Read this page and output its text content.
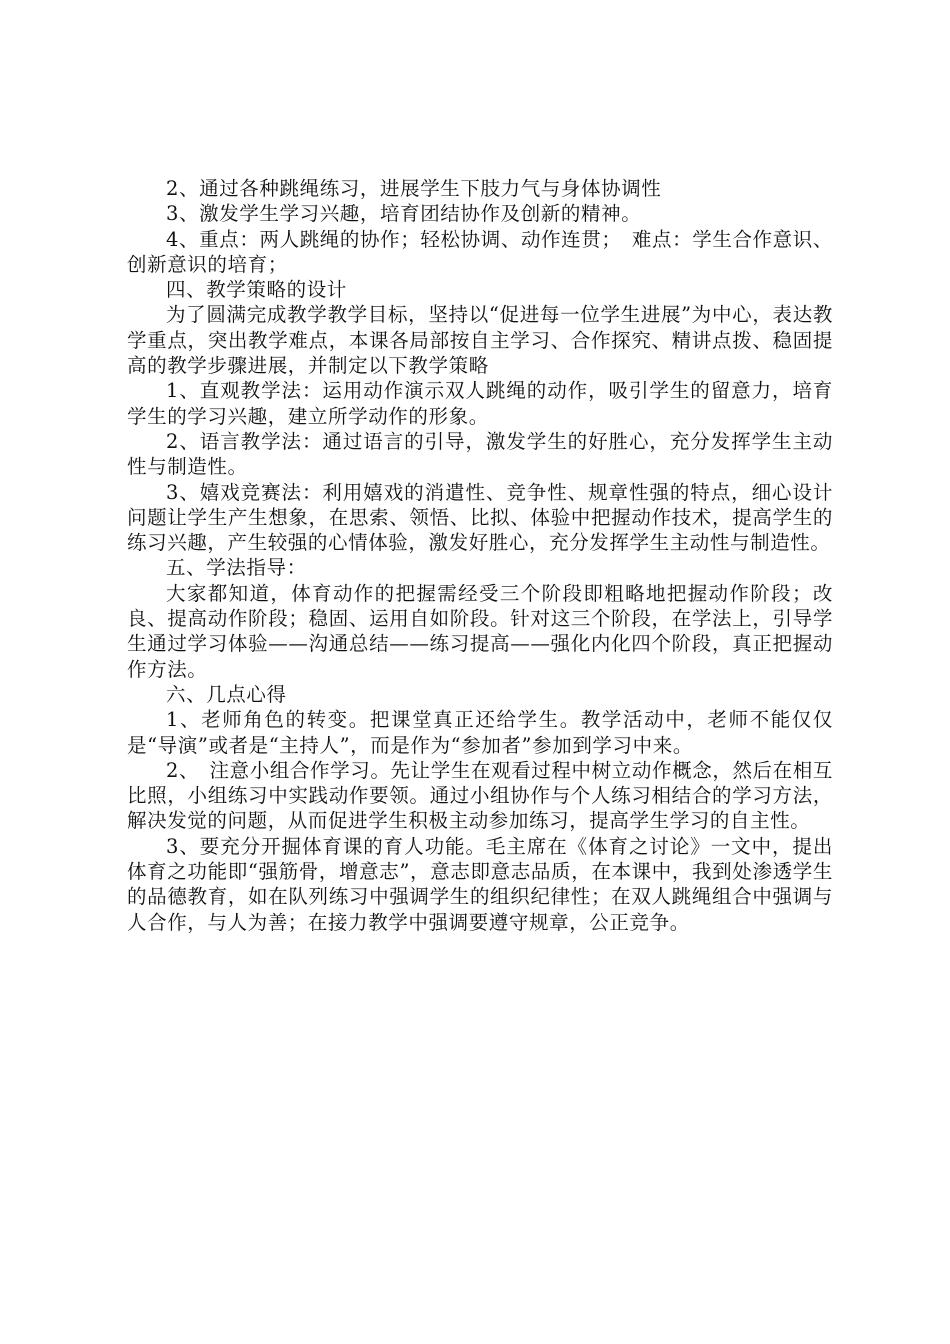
2、通过各种跳绳练习，进展学生下肢力气与身体协调性

3、激发学生学习兴趣，培育团结协作及创新的精神。

4、重点：两人跳绳的协作；轻松协调、动作连贯；　难点：学生合作意识、创新意识的培育；

四、教学策略的设计

为了圆满完成教学教学目标，坚持以“促进每一位学生进展”为中心，表达教学重点，突出教学难点，本课各局部按自主学习、合作探究、精讲点拨、稳固提高的教学步骤进展，并制定以下教学策略

1、直观教学法：运用动作演示双人跳绳的动作，吸引学生的留意力，培育学生的学习兴趣，建立所学动作的形象。

2、语言教学法：通过语言的引导，激发学生的好胜心，充分发挥学生主动性与制造性。

3、嬉戏竞赛法：利用嬉戏的消遣性、竞争性、规章性强的特点，细心设计问题让学生产生想象，在思索、领悟、比拟、体验中把握动作技术，提高学生的练习兴趣，产生较强的心情体验，激发好胜心，充分发挥学生主动性与制造性。

五、学法指导：

大家都知道，体育动作的把握需经受三个阶段即粗略地把握动作阶段；改良、提高动作阶段；稳固、运用自如阶段。针对这三个阶段，在学法上，引导学生通过学习体验——沟通总结——练习提高——强化内化四个阶段，真正把握动作方法。

六、几点心得

1、老师角色的转变。把课堂真正还给学生。教学活动中，老师不能仅仅是“导演”或者是“主持人”，而是作为“参加者”参加到学习中来。

2、　注意小组合作学习。先让学生在观看过程中树立动作概念，然后在相互比照，小组练习中实践动作要领。通过小组协作与个人练习相结合的学习方法，解决发觉的问题，从而促进学生积极主动参加练习，提高学生学习的自主性。

3、要充分开掘体育课的育人功能。毛主席在《体育之讨论》一文中，提出体育之功能即“强筋骨，增意志”，意志即意志品质，在本课中，我到处渗透学生的品德教育，如在队列练习中强调学生的组织纪律性；在双人跳绳组合中强调与人合作，与人为善；在接力教学中强调要遵守规章，公正竞争。
